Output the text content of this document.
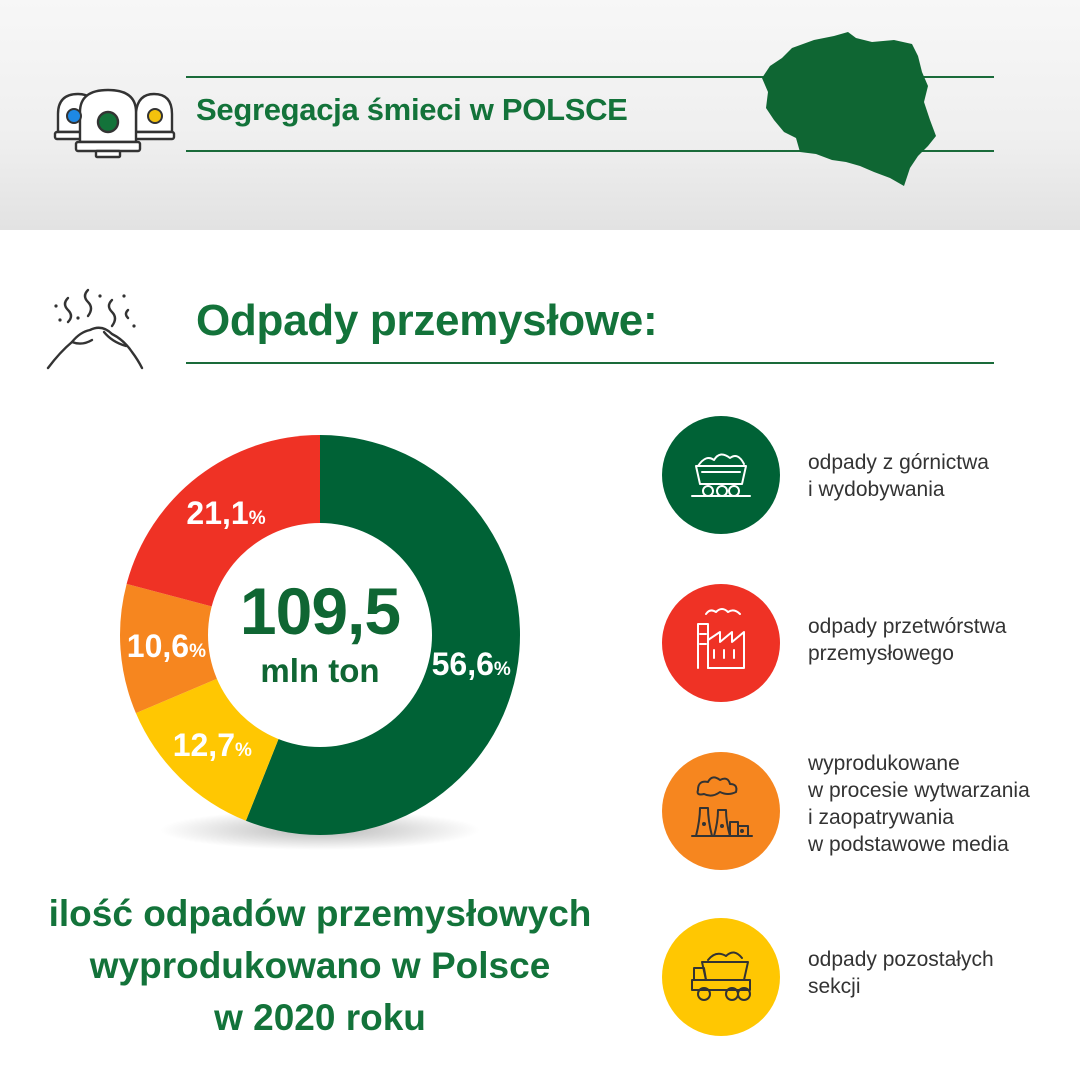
Segregacja śmieci w POLSCE
Odpady przemysłowe:
56,6%
12,7%
10,6%
21,1%
109,5
mln ton
ilość odpadów przemysłowych
wyprodukowano w Polsce
w 2020 roku
odpady z górnictwa
i wydobywania
odpady przetwórstwa
przemysłowego
wyprodukowane
w procesie wytwarzania
i zaopatrywania
w podstawowe media
odpady pozostałych
sekcji
